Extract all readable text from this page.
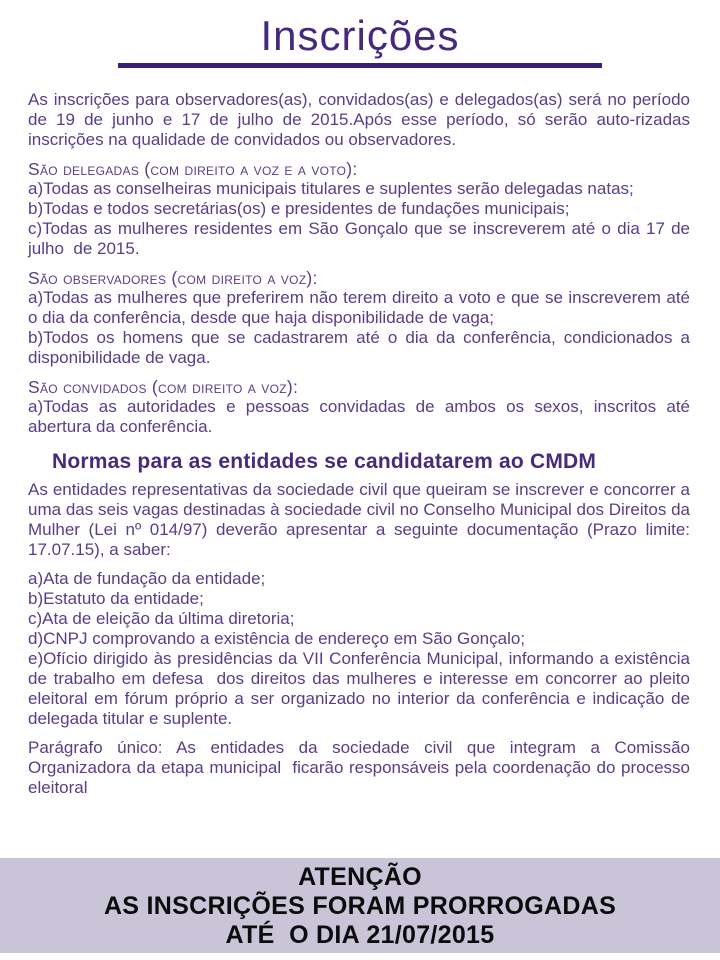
Inscrições

As inscrições para observadores(as), convidados(as) e delegados(as) será no período de 19 de junho e 17 de julho de 2015.Após esse período, só serão auto-rizadas inscrições na qualidade de convidados ou observadores.

São delegadas (com direito a voz e a voto):

a)Todas as conselheiras municipais titulares e suplentes serão delegadas natas;

b)Todas e todos secretárias(os) e presidentes de fundações municipais;

c)Todas as mulheres residentes em São Gonçalo que se inscreverem até o dia 17 de julho  de 2015.

São observadores (com direito a voz):

a)Todas as mulheres que preferirem não terem direito a voto e que se inscreverem até o dia da conferência, desde que haja disponibilidade de vaga;

b)Todos os homens que se cadastrarem até o dia da conferência, condicionados a disponibilidade de vaga.

São convidados (com direito a voz):

a)Todas as autoridades e pessoas convidadas de ambos os sexos, inscritos até abertura da conferência.

Normas para as entidades se candidatarem ao CMDM

As entidades representativas da sociedade civil que queiram se inscrever e concorrer a uma das seis vagas destinadas à sociedade civil no Conselho Municipal dos Direitos da Mulher (Lei nº 014/97) deverão apresentar a seguinte documentação (Prazo limite: 17.07.15), a saber:

a)Ata de fundação da entidade;

b)Estatuto da entidade;

c)Ata de eleição da última diretoria;

d)CNPJ comprovando a existência de endereço em São Gonçalo;

e)Ofício dirigido às presidências da VII Conferência Municipal, informando a existência de trabalho em defesa  dos direitos das mulheres e interesse em concorrer ao pleito eleitoral em fórum próprio a ser organizado no interior da conferência e indicação de delegada titular e suplente.

Parágrafo único: As entidades da sociedade civil que integram a Comissão Organizadora da etapa municipal  ficarão responsáveis pela coordenação do processo eleitoral

ATENÇÃO
AS INSCRIÇÕES FORAM PRORROGADAS
ATÉ  O DIA 21/07/2015
